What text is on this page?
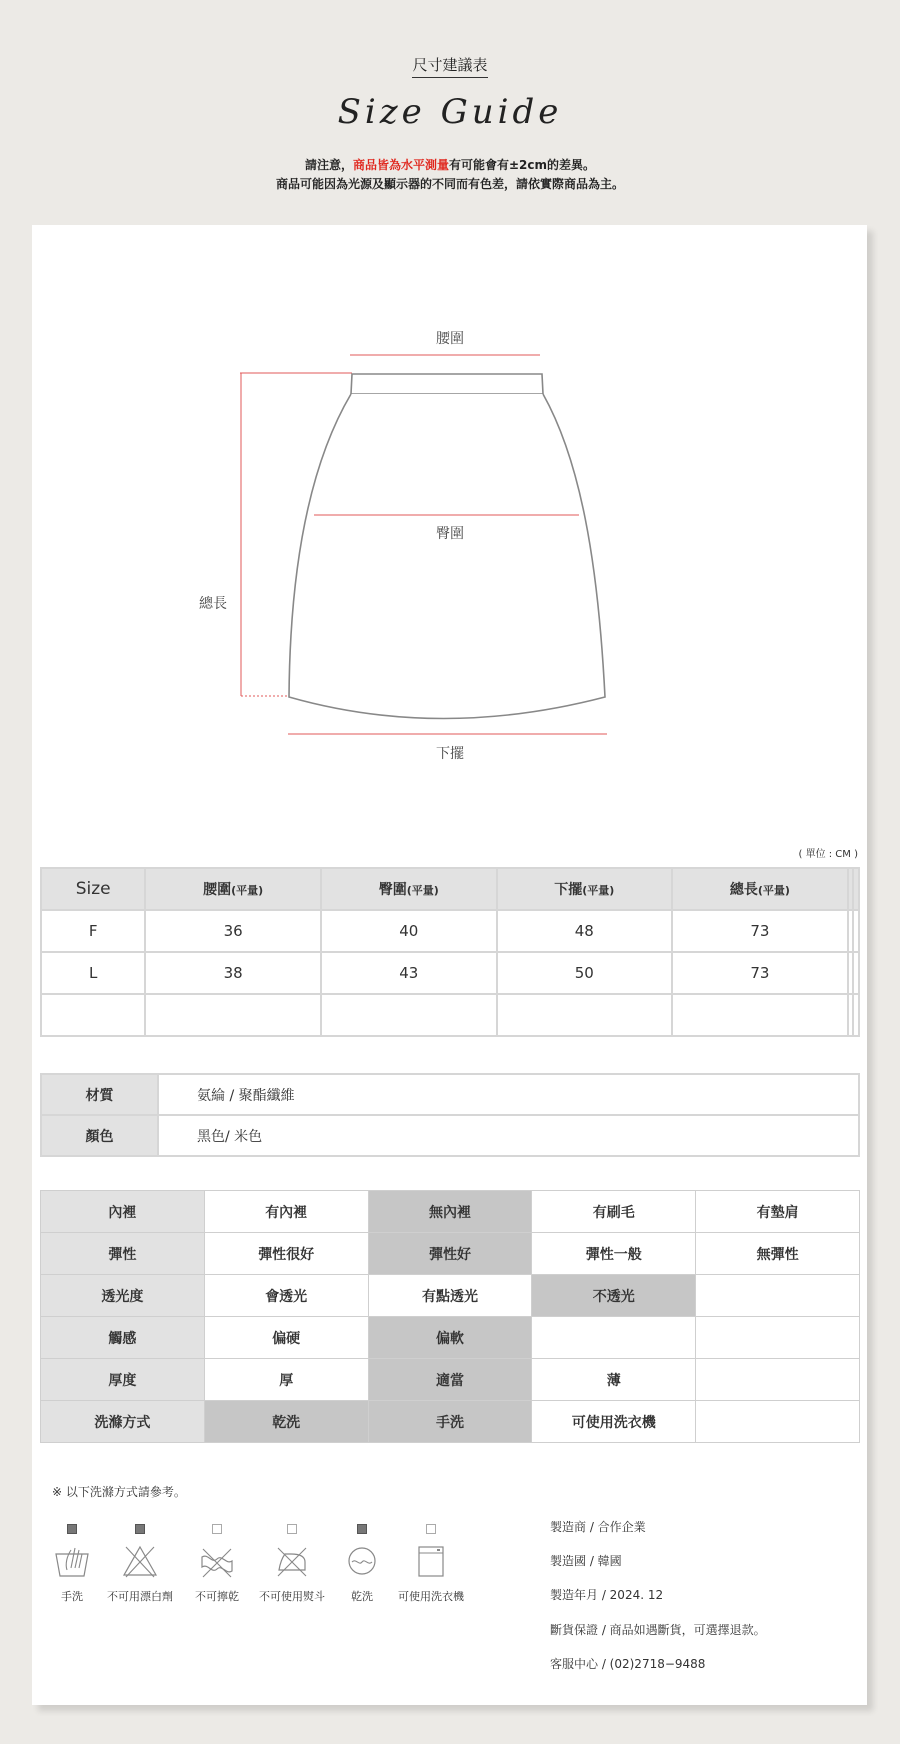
尺寸建議表
Size Guide
請注意，商品皆為水平測量有可能會有±2cm的差異。
商品可能因為光源及顯示器的不同而有色差，請依實際商品為主。
腰圍
臀圍
下擺
總長
( 單位 : CM )
Size	腰圍(平量)	臀圍(平量)	下擺(平量)	總長(平量)		
F	36	40	48	73		
L	38	43	50	73		

材質	氨綸 / 聚酯纖維
顏色	黑色/ 米色
內裡	有內裡	無內裡	有刷毛	有墊肩
彈性	彈性很好	彈性好	彈性一般	無彈性
透光度	會透光	有點透光	不透光	
觸感	偏硬	偏軟		
厚度	厚	適當	薄	
洗滌方式	乾洗	手洗	可使用洗衣機	
※ 以下洗滌方式請參考。
手洗	不可用漂白劑	不可擰乾	不可使用熨斗	乾洗	可使用洗衣機
製造商 / 合作企業
製造國 / 韓國
製造年月 / 2024. 12
斷貨保證 / 商品如遇斷貨，可選擇退款。
客服中心 / (02)2718−9488
